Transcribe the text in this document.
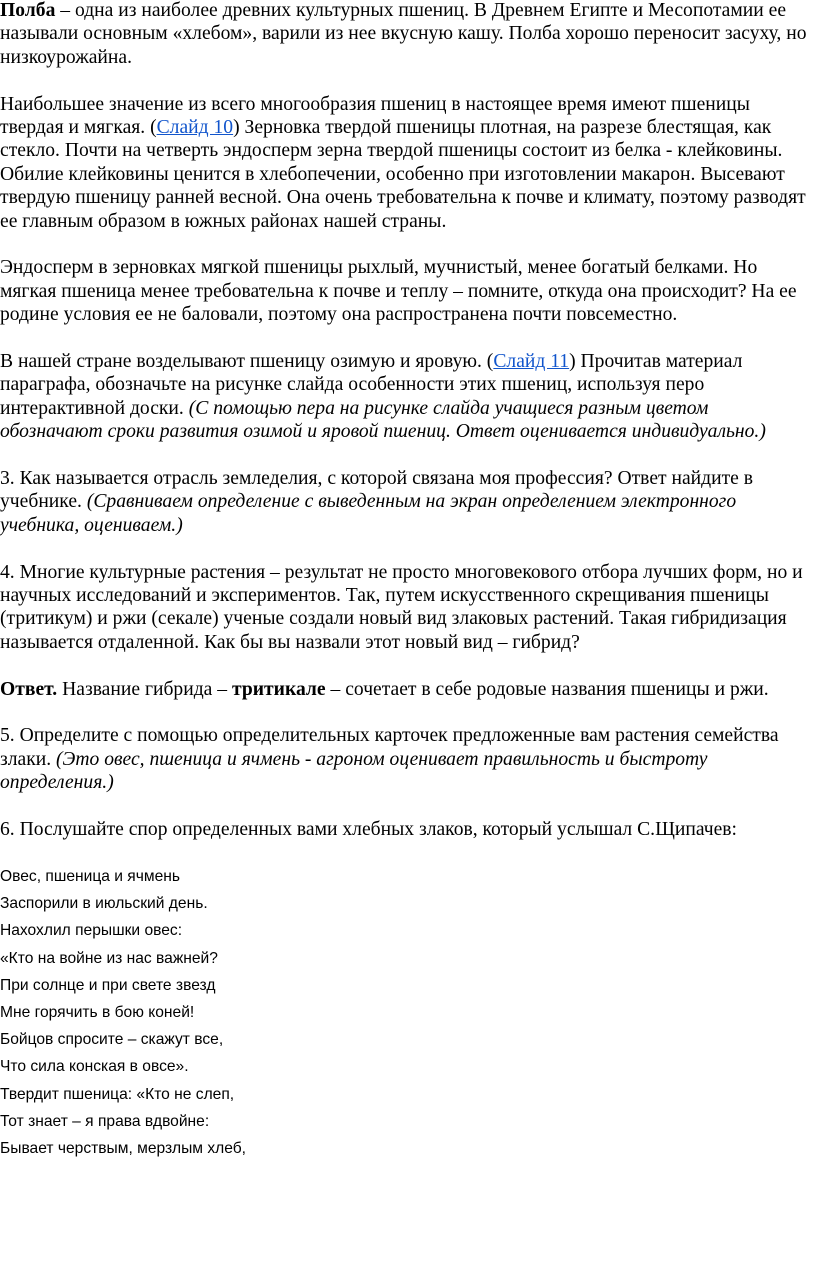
Полба – одна из наиболее древних культурных пшениц. В Древнем Египте и Месопотамии ее называли основным «хлебом», варили из нее вкусную кашу. Полба хорошо переносит засуху, но низкоурожайна.

Наибольшее значение из всего многообразия пшениц в настоящее время имеют пшеницы твердая и мягкая. (Слайд 10) Зерновка твердой пшеницы плотная, на разрезе блестящая, как стекло. Почти на четверть эндосперм зерна твердой пшеницы состоит из белка - клейковины. Обилие клейковины ценится в хлебопечении, особенно при изготовлении макарон. Высевают твердую пшеницу ранней весной. Она очень требовательна к почве и климату, поэтому разводят ее главным образом в южных районах нашей страны.

Эндосперм в зерновках мягкой пшеницы рыхлый, мучнистый, менее богатый белками. Но мягкая пшеница менее требовательна к почве и теплу – помните, откуда она происходит? На ее родине условия ее не баловали, поэтому она распространена почти повсеместно.

В нашей стране возделывают пшеницу озимую и яровую. (Слайд 11) Прочитав материал параграфа, обозначьте на рисунке слайда особенности этих пшениц, используя перо интерактивной доски. (С помощью пера на рисунке слайда учащиеся разным цветом обозначают сроки развития озимой и яровой пшениц. Ответ оценивается индивидуально.)

3. Как называется отрасль земледелия, с которой связана моя профессия? Ответ найдите в учебнике. (Сравниваем определение с выведенным на экран определением электронного учебника, оцениваем.)

4. Многие культурные растения – результат не просто многовекового отбора лучших форм, но и научных исследований и экспериментов. Так, путем искусственного скрещивания пшеницы (тритикум) и ржи (секале) ученые создали новый вид злаковых растений. Такая гибридизация называется отдаленной. Как бы вы назвали этот новый вид – гибрид?

Ответ. Название гибрида – тритикале – сочетает в себе родовые названия пшеницы и ржи.

5. Определите с помощью определительных карточек предложенные вам растения семейства злаки. (Это овес, пшеница и ячмень - агроном оценивает правильность и быстроту определения.)

6. Послушайте спор определенных вами хлебных злаков, который услышал С.Щипачев:

Овес, пшеница и ячмень
Заспорили в июльский день.
Нахохлил перышки овес:
«Кто на войне из нас важней?
При солнце и при свете звезд
Мне горячить в бою коней!
Бойцов спросите – скажут все,
Что сила конская в овсе».
Твердит пшеница: «Кто не слеп,
Тот знает – я права вдвойне:
Бывает черствым, мерзлым хлеб,
